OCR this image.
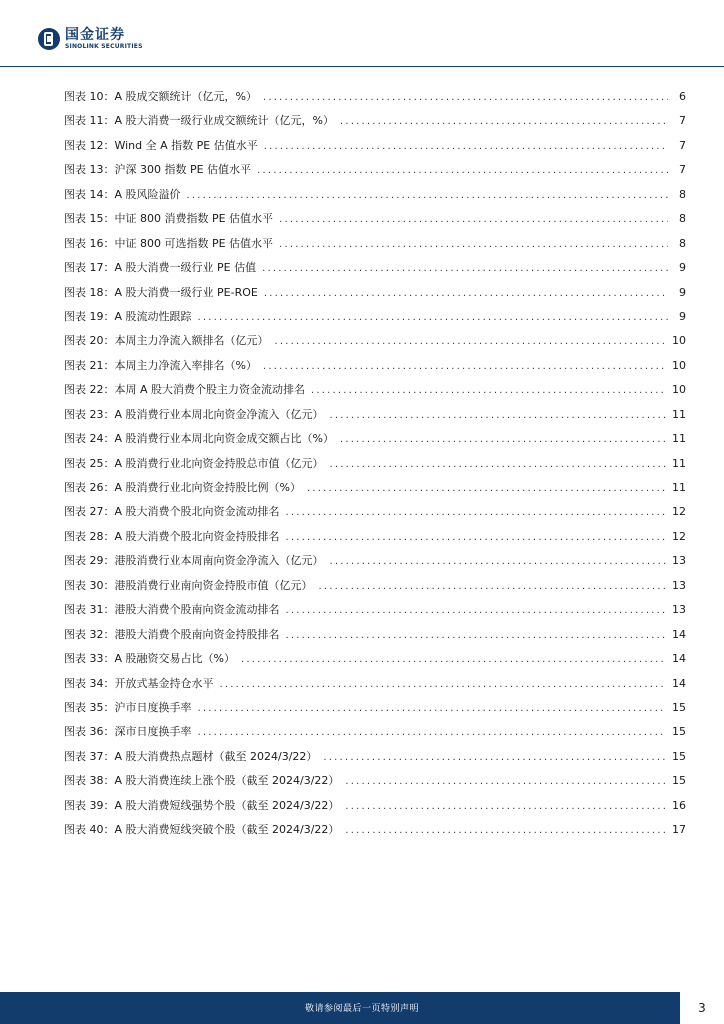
国金证券
SINOLINK SECURITIES
图表 10：A 股成交额统计（亿元，%） .....	6
图表 11：A 股大消费一级行业成交额统计（亿元，%） .....	7
图表 12：Wind 全 A 指数 PE 估值水平 .....	7
图表 13：沪深 300 指数 PE 估值水平 .....	7
图表 14：A 股风险溢价 .....	8
图表 15：中证 800 消费指数 PE 估值水平 .....	8
图表 16：中证 800 可选指数 PE 估值水平 .....	8
图表 17：A 股大消费一级行业 PE 估值 .....	9
图表 18：A 股大消费一级行业 PE-ROE .....	9
图表 19：A 股流动性跟踪 .....	9
图表 20：本周主力净流入额排名（亿元） .....	10
图表 21：本周主力净流入率排名（%） .....	10
图表 22：本周 A 股大消费个股主力资金流动排名 .....	10
图表 23：A 股消费行业本周北向资金净流入（亿元） .....	11
图表 24：A 股消费行业本周北向资金成交额占比（%） .....	11
图表 25：A 股消费行业北向资金持股总市值（亿元） .....	11
图表 26：A 股消费行业北向资金持股比例（%） .....	11
图表 27：A 股大消费个股北向资金流动排名 .....	12
图表 28：A 股大消费个股北向资金持股排名 .....	12
图表 29：港股消费行业本周南向资金净流入（亿元） .....	13
图表 30：港股消费行业南向资金持股市值（亿元） .....	13
图表 31：港股大消费个股南向资金流动排名 .....	13
图表 32：港股大消费个股南向资金持股排名 .....	14
图表 33：A 股融资交易占比（%） .....	14
图表 34：开放式基金持仓水平 .....	14
图表 35：沪市日度换手率 .....	15
图表 36：深市日度换手率 .....	15
图表 37：A 股大消费热点题材（截至 2024/3/22） .....	15
图表 38：A 股大消费连续上涨个股（截至 2024/3/22） .....	15
图表 39：A 股大消费短线强势个股（截至 2024/3/22） .....	16
图表 40：A 股大消费短线突破个股（截至 2024/3/22） .....	17
敬请参阅最后一页特别声明	3
